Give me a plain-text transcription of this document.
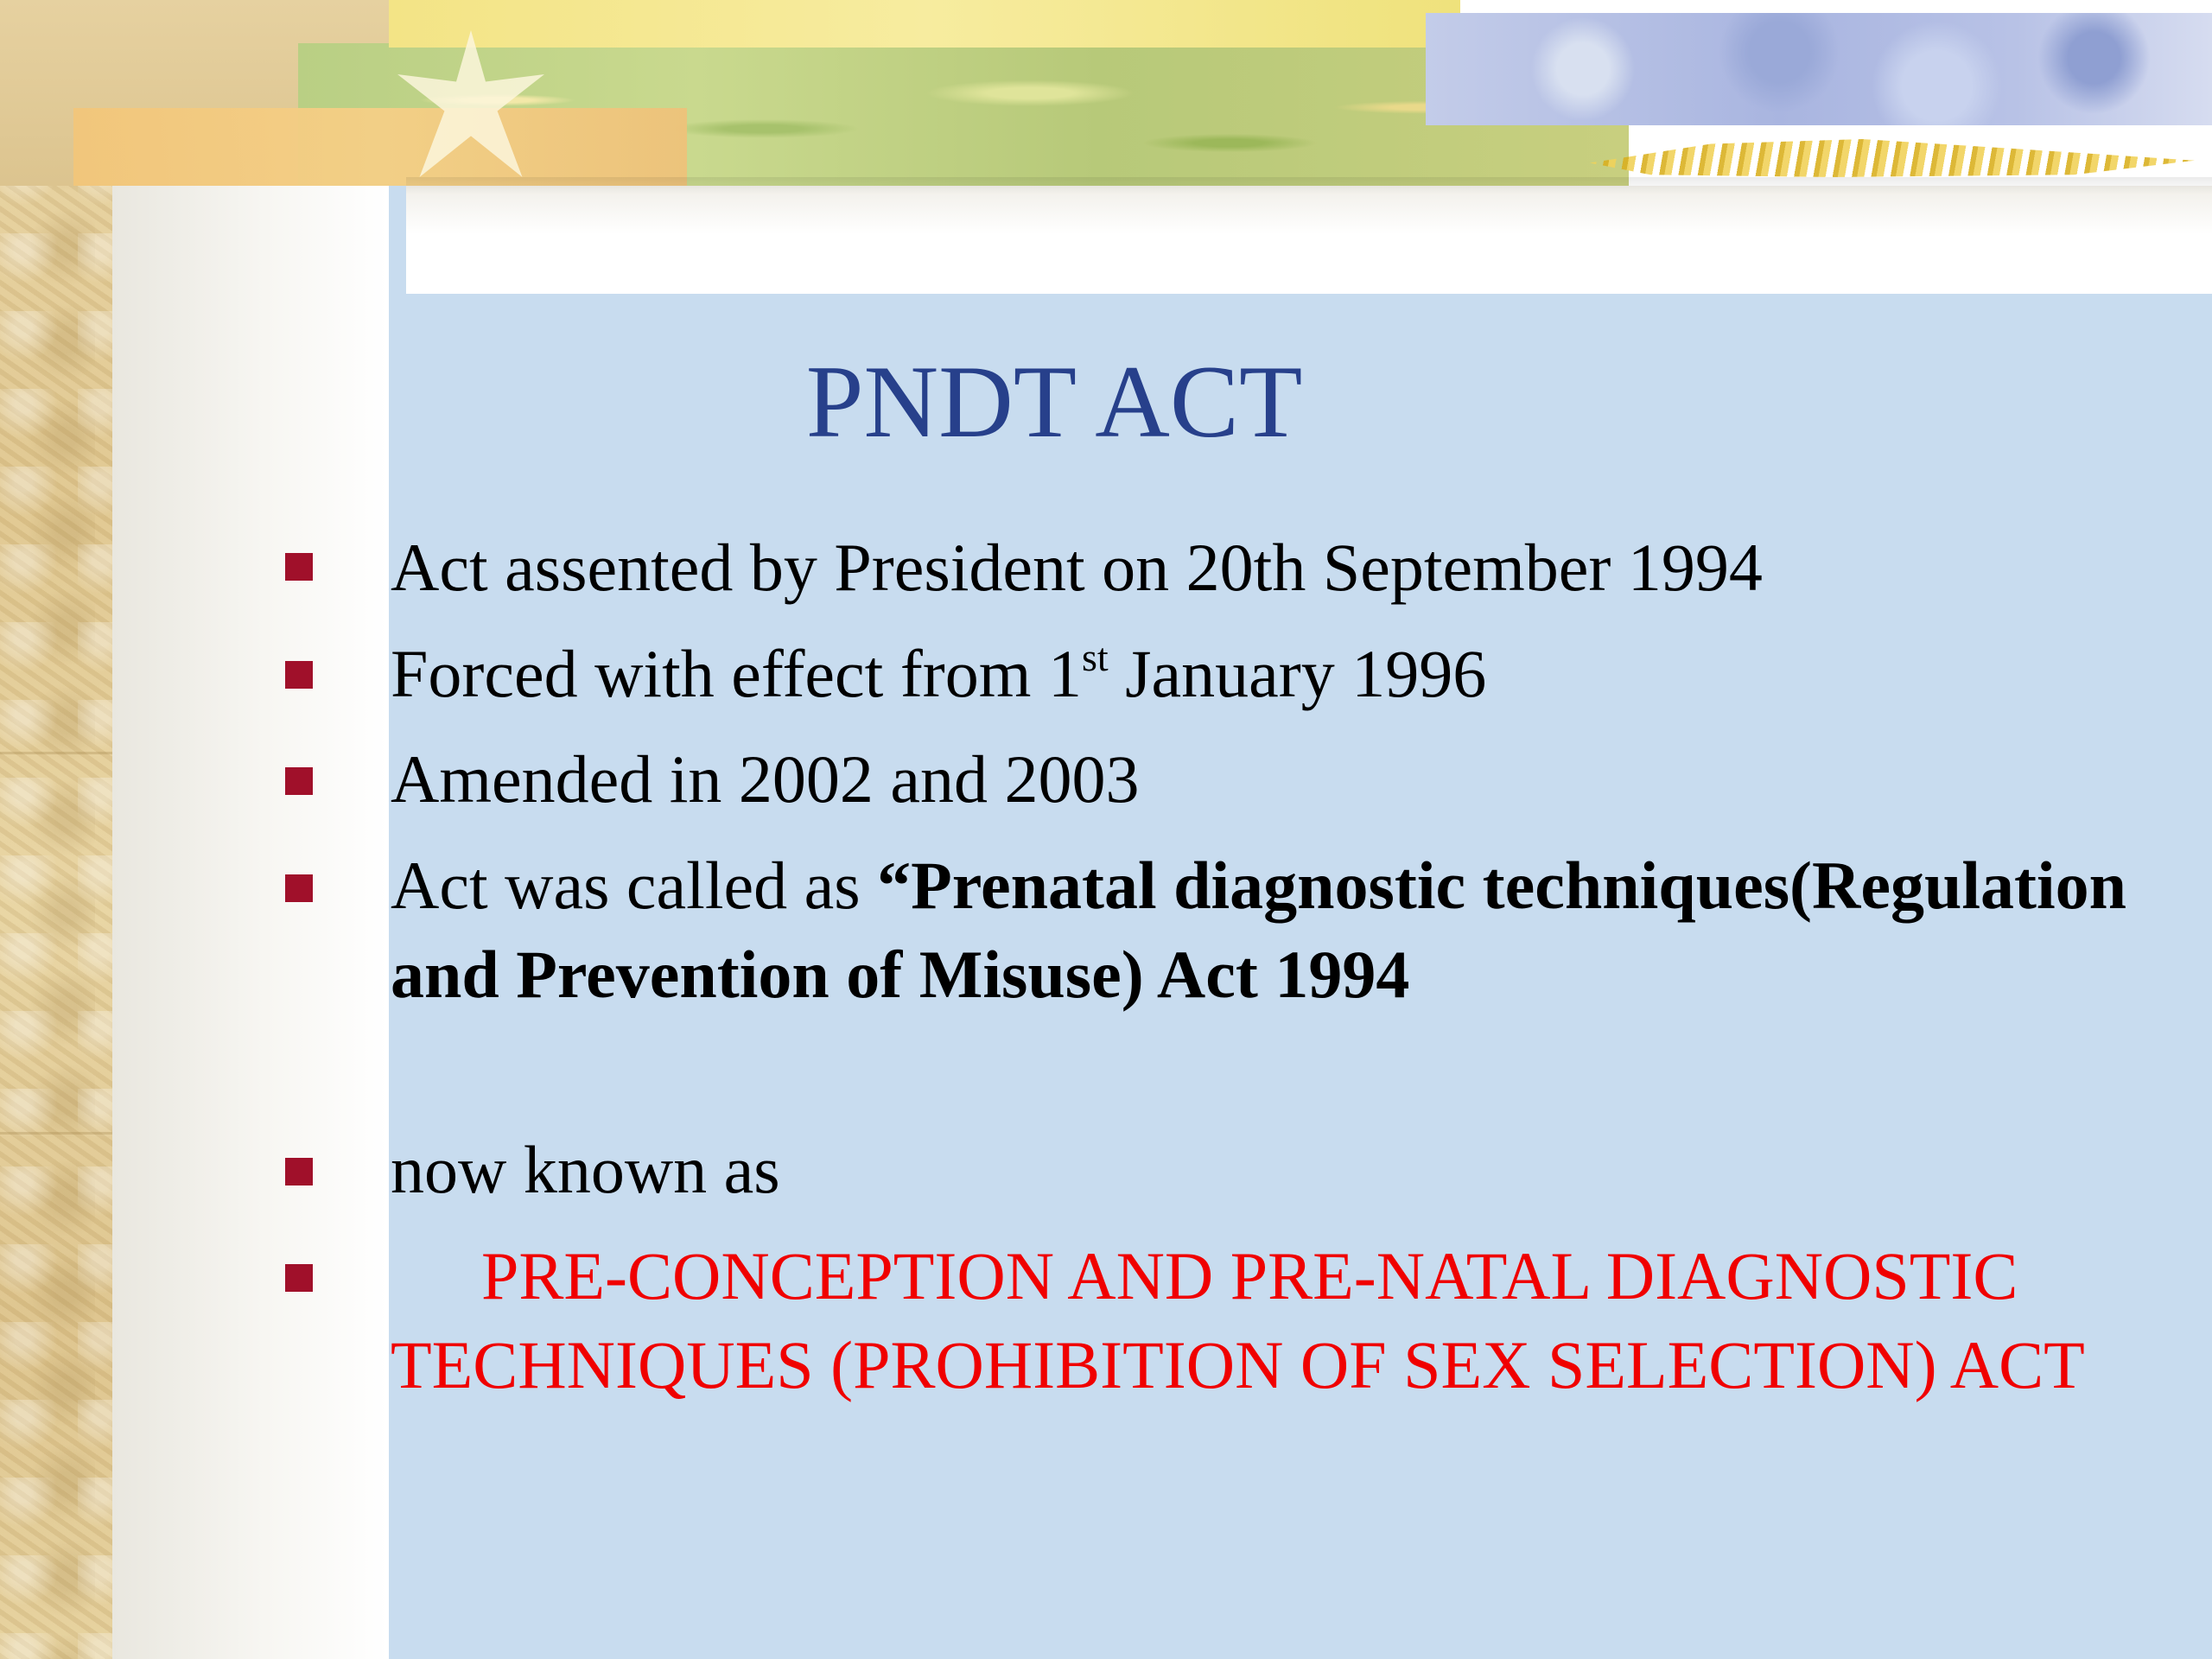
PNDT ACT
Act assented by President on 20th September 1994
Forced with effect from 1st January 1996
Amended in 2002 and 2003
Act was called as “Prenatal diagnostic techniques(Regulation and Prevention of Misuse) Act 1994
now known as
PRE-CONCEPTION AND PRE-NATAL DIAGNOSTIC TECHNIQUES (PROHIBITION OF SEX SELECTION) ACT
